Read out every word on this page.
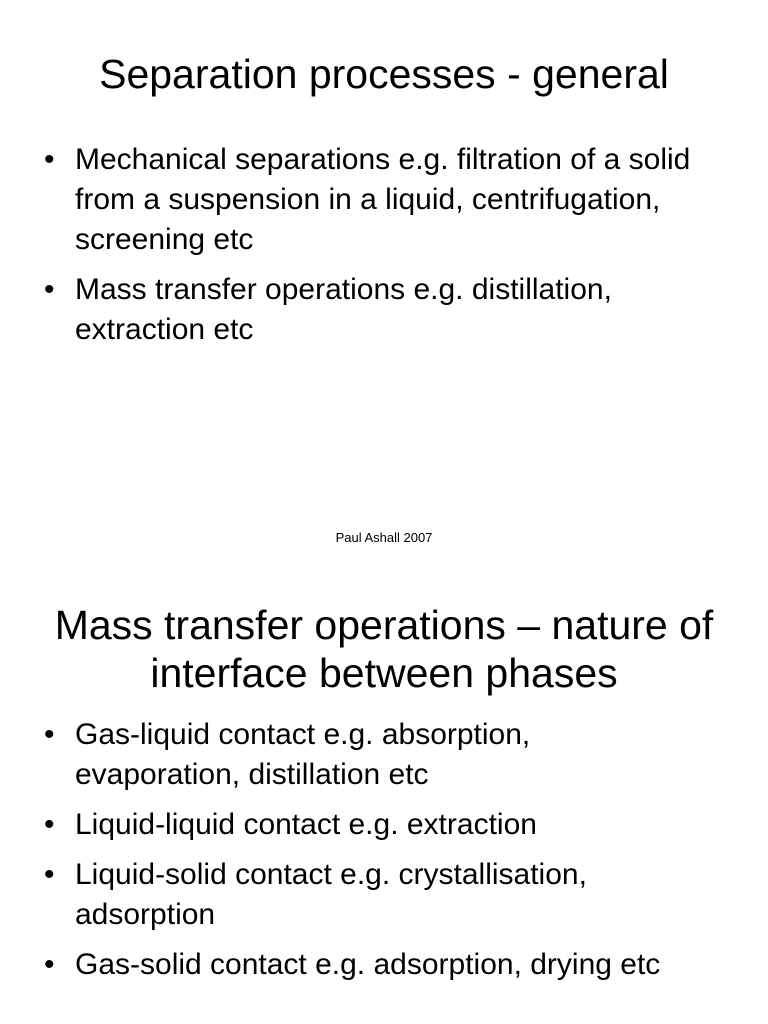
Separation processes - general
• Mechanical separations e.g. filtration of a solid from a suspension in a liquid, centrifugation, screening etc
• Mass transfer operations e.g. distillation, extraction etc
Paul Ashall 2007
Mass transfer operations – nature of interface between phases
• Gas-liquid contact e.g. absorption, evaporation, distillation etc
• Liquid-liquid contact e.g. extraction
• Liquid-solid contact e.g. crystallisation, adsorption
• Gas-solid contact e.g. adsorption, drying etc
